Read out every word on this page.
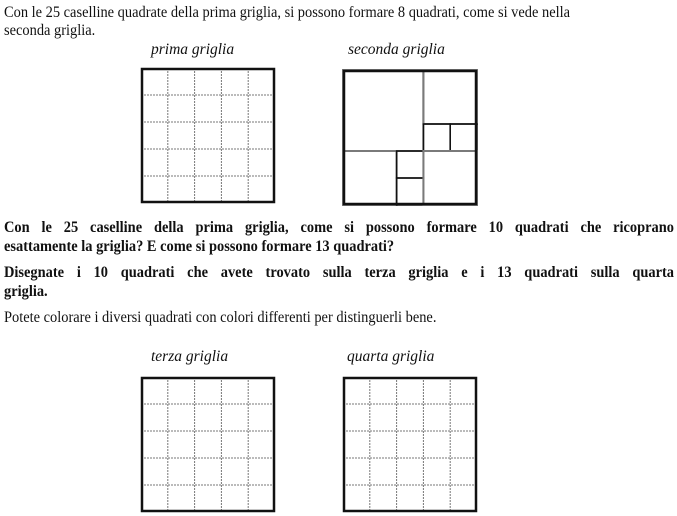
Con le 25 caselline quadrate della prima griglia, si possono formare 8 quadrati, come si vede nella
seconda griglia.
prima griglia	seconda griglia
Con le 25 caselline della prima griglia, come si possono formare 10 quadrati che ricoprano
esattamente la griglia? E come si possono formare 13 quadrati?
Disegnate i 10 quadrati che avete trovato sulla terza griglia e i 13 quadrati sulla quarta
griglia.
Potete colorare i diversi quadrati con colori differenti per distinguerli bene.
terza griglia	quarta griglia
